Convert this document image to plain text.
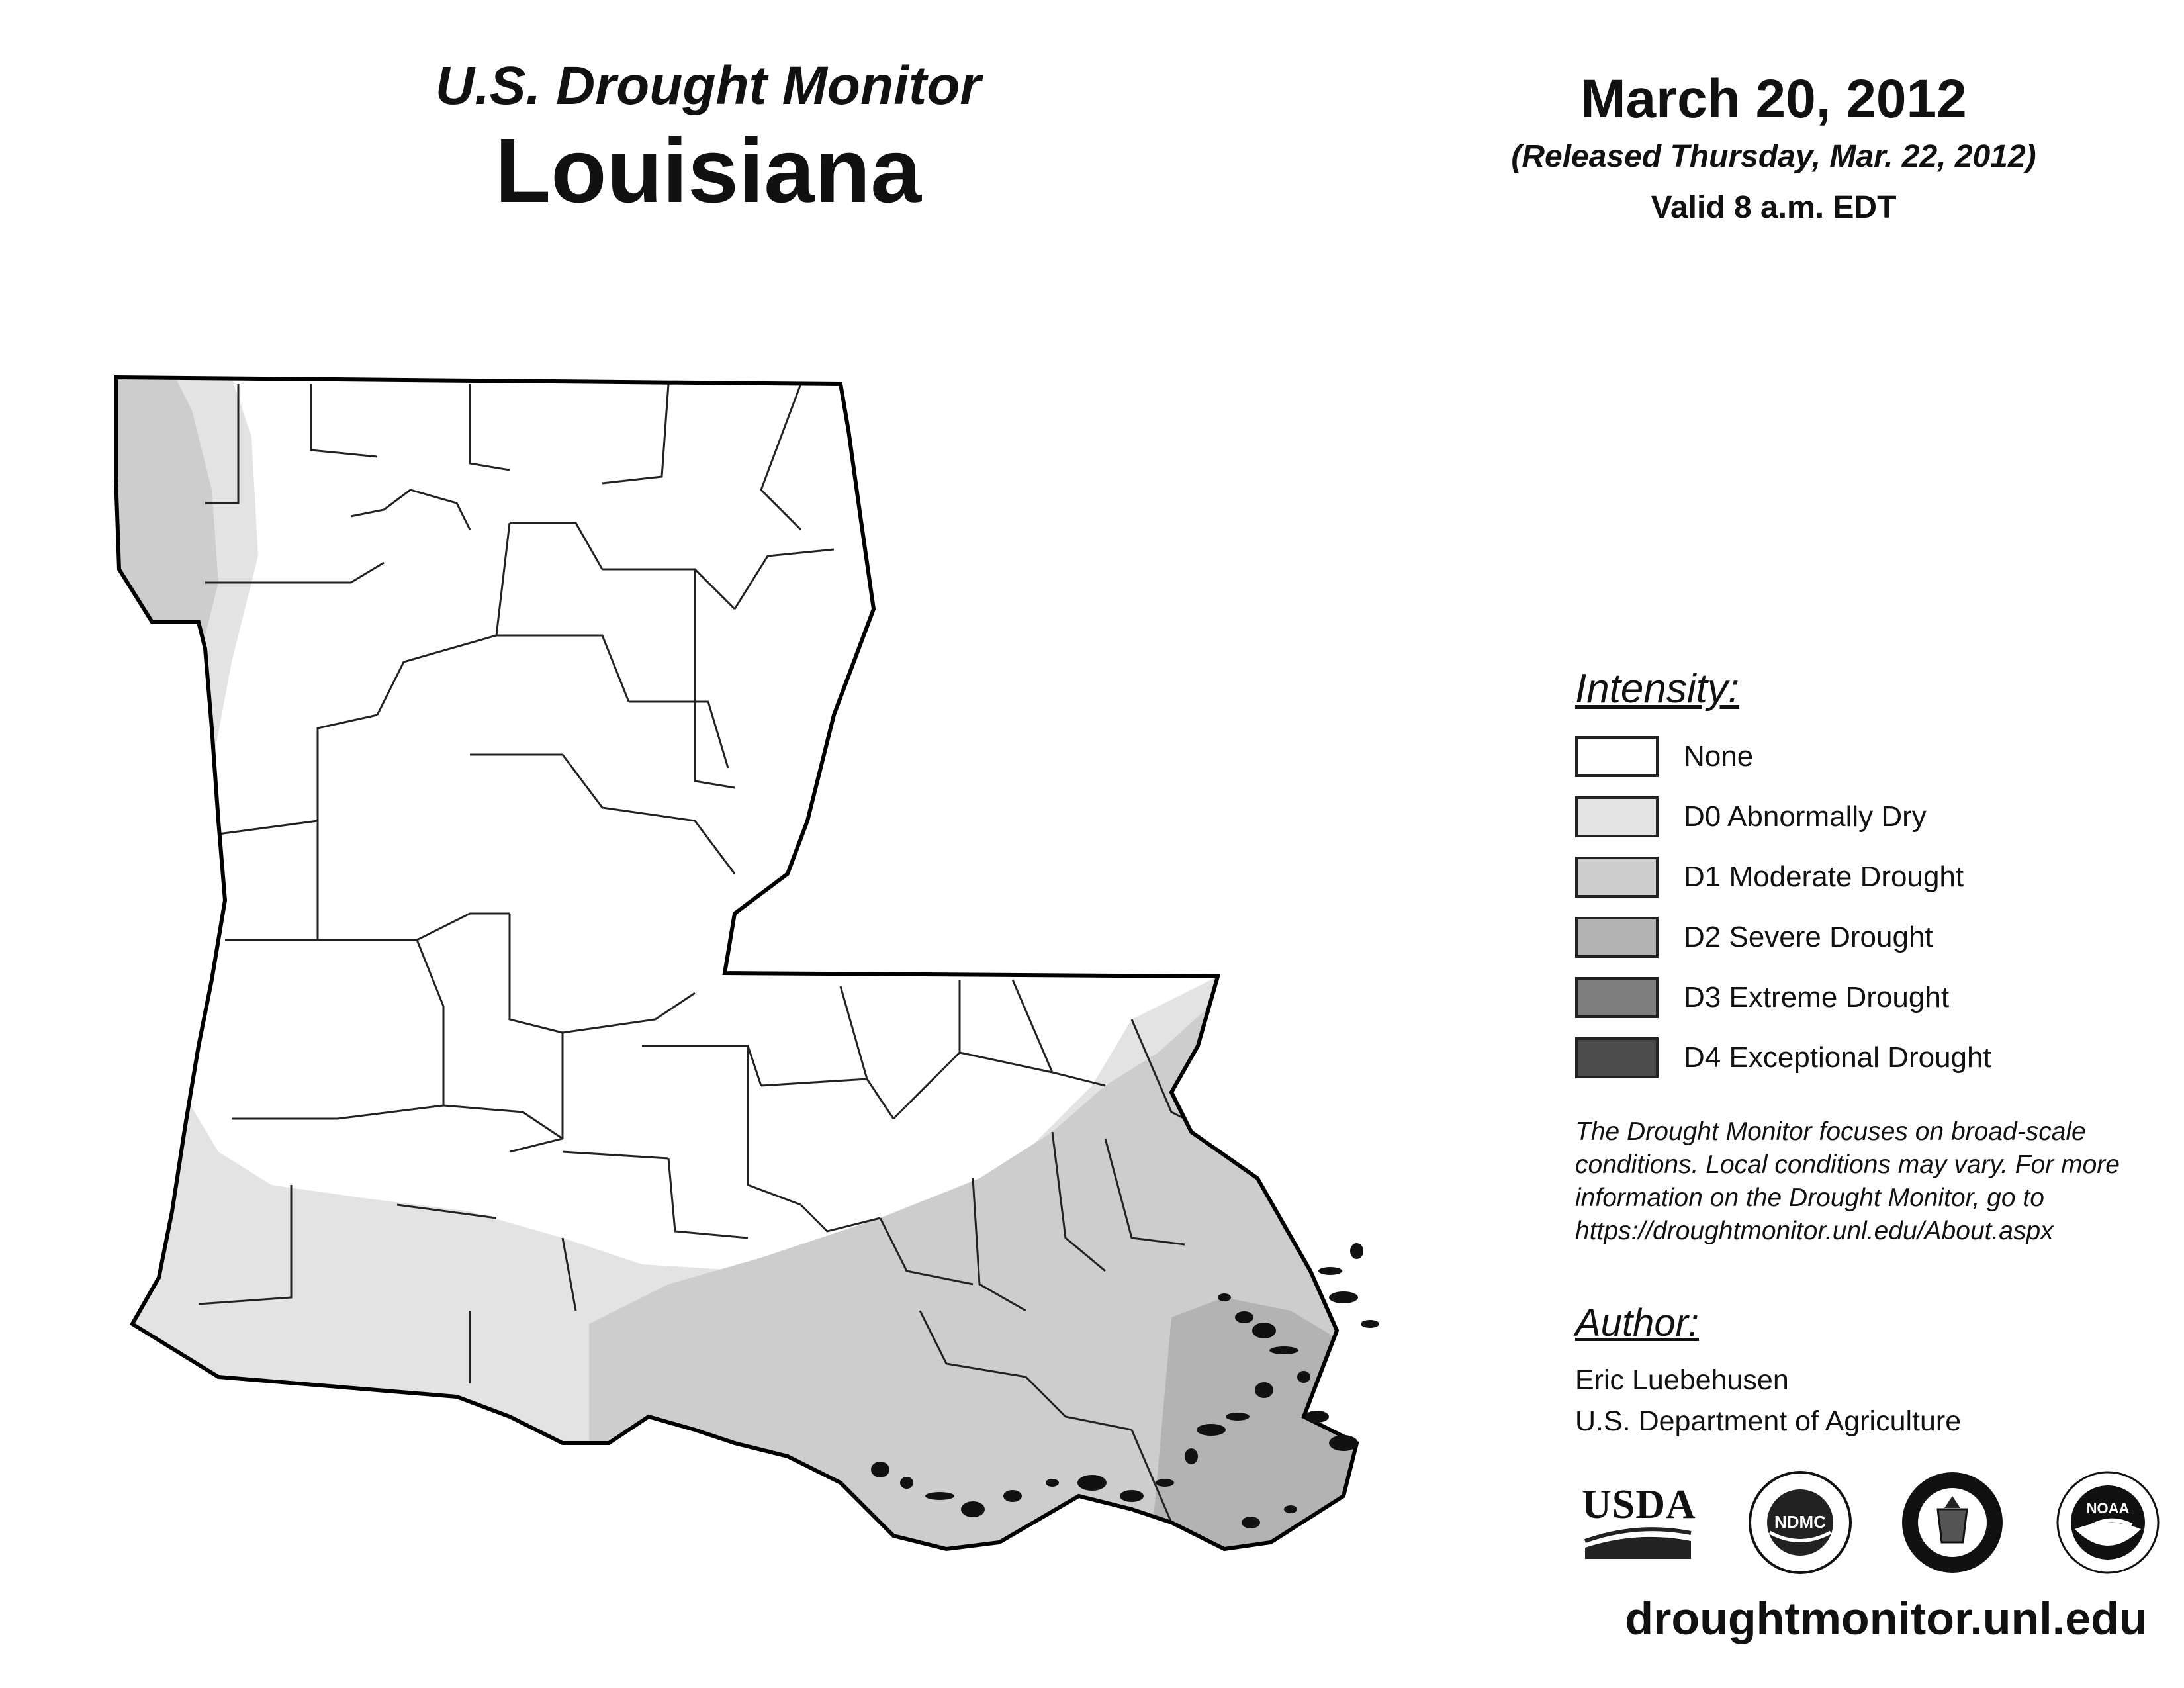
U.S. Drought Monitor
Louisiana
March 20, 2012
(Released Thursday, Mar. 22, 2012)
Valid 8 a.m. EDT
Intensity:
None
D0 Abnormally Dry
D1 Moderate Drought
D2 Severe Drought
D3 Extreme Drought
D4 Exceptional Drought
The Drought Monitor focuses on broad-scale conditions. Local conditions may vary. For more information on the Drought Monitor, go to https://droughtmonitor.unl.edu/About.aspx
Author:
Eric Luebehusen
U.S. Department of Agriculture
USDA	NDMC
NOAA
droughtmonitor.unl.edu
